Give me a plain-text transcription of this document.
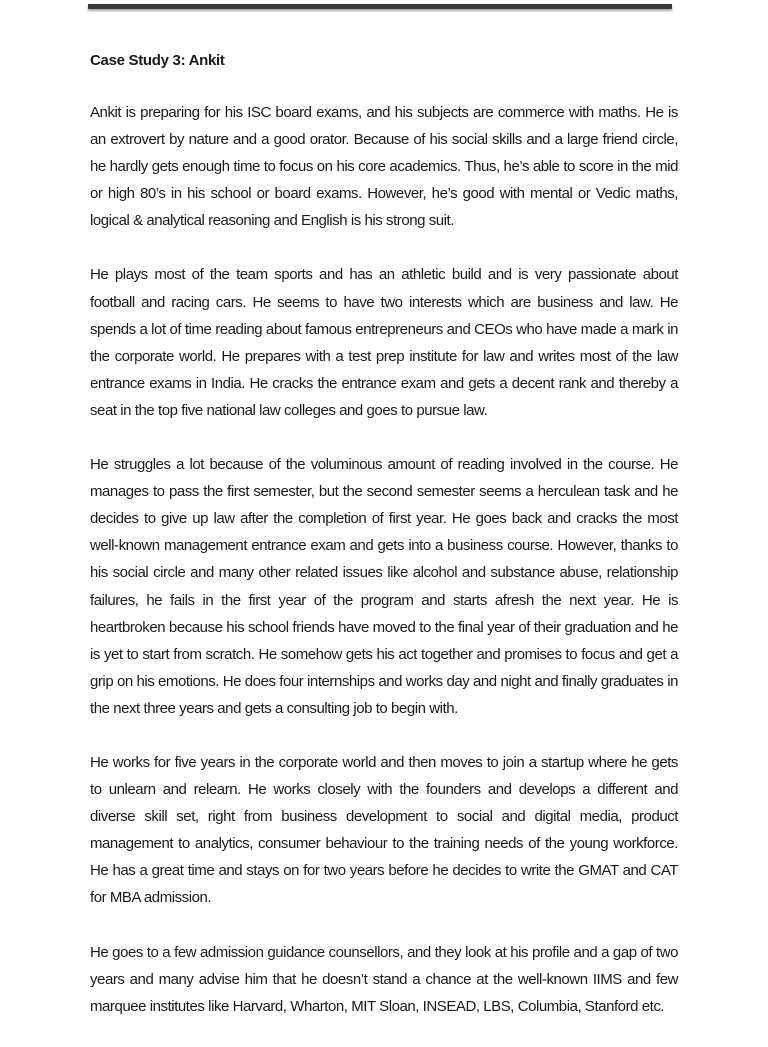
Case Study 3: Ankit

Ankit is preparing for his ISC board exams, and his subjects are commerce with maths. He is an extrovert by nature and a good orator. Because of his social skills and a large friend circle, he hardly gets enough time to focus on his core academics. Thus, he’s able to score in the mid or high 80’s in his school or board exams. However, he’s good with mental or Vedic maths, logical & analytical reasoning and English is his strong suit.

He plays most of the team sports and has an athletic build and is very passionate about football and racing cars. He seems to have two interests which are business and law. He spends a lot of time reading about famous entrepreneurs and CEOs who have made a mark in the corporate world. He prepares with a test prep institute for law and writes most of the law entrance exams in India. He cracks the entrance exam and gets a decent rank and thereby a seat in the top five national law colleges and goes to pursue law.

He struggles a lot because of the voluminous amount of reading involved in the course. He manages to pass the first semester, but the second semester seems a herculean task and he decides to give up law after the completion of first year. He goes back and cracks the most well-known management entrance exam and gets into a business course. However, thanks to his social circle and many other related issues like alcohol and substance abuse, relationship failures, he fails in the first year of the program and starts afresh the next year. He is heartbroken because his school friends have moved to the final year of their graduation and he is yet to start from scratch. He somehow gets his act together and promises to focus and get a grip on his emotions. He does four internships and works day and night and finally graduates in the next three years and gets a consulting job to begin with.

He works for five years in the corporate world and then moves to join a startup where he gets to unlearn and relearn. He works closely with the founders and develops a different and diverse skill set, right from business development to social and digital media, product management to analytics, consumer behaviour to the training needs of the young workforce. He has a great time and stays on for two years before he decides to write the GMAT and CAT for MBA admission.

He goes to a few admission guidance counsellors, and they look at his profile and a gap of two years and many advise him that he doesn’t stand a chance at the well-known IIMS and few marquee institutes like Harvard, Wharton, MIT Sloan, INSEAD, LBS, Columbia, Stanford etc.
